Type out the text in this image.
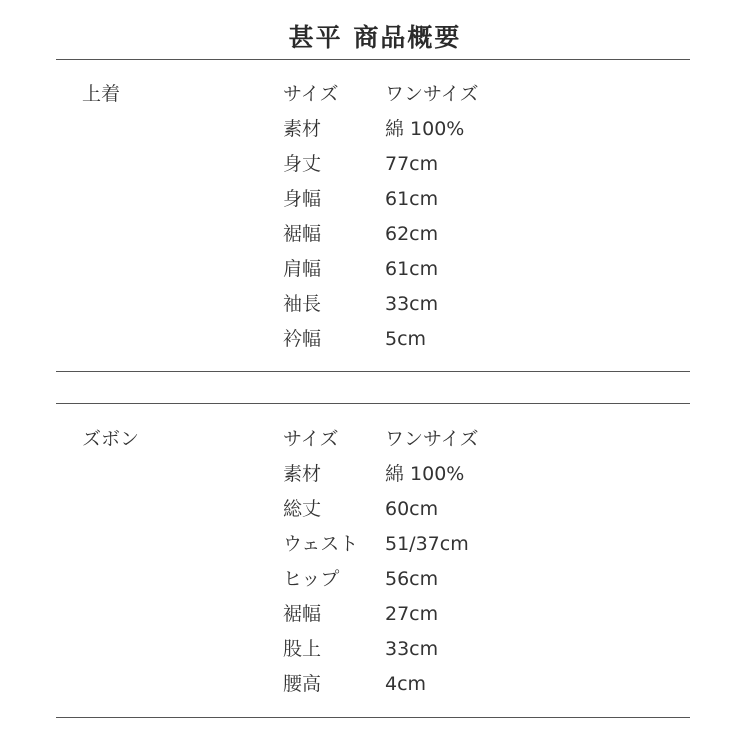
甚平 商品概要
上着	サイズ ワンサイズ
素材	綿 100%
身丈	77cm
身幅	61cm
裾幅	62cm
肩幅	61cm
袖長	33cm
衿幅	5cm
ズボン	サイズ ワンサイズ
素材	綿 100%
総丈	60cm
ウェスト 51/37cm
ヒップ 56cm
裾幅	27cm
股上	33cm
腰高	4cm
